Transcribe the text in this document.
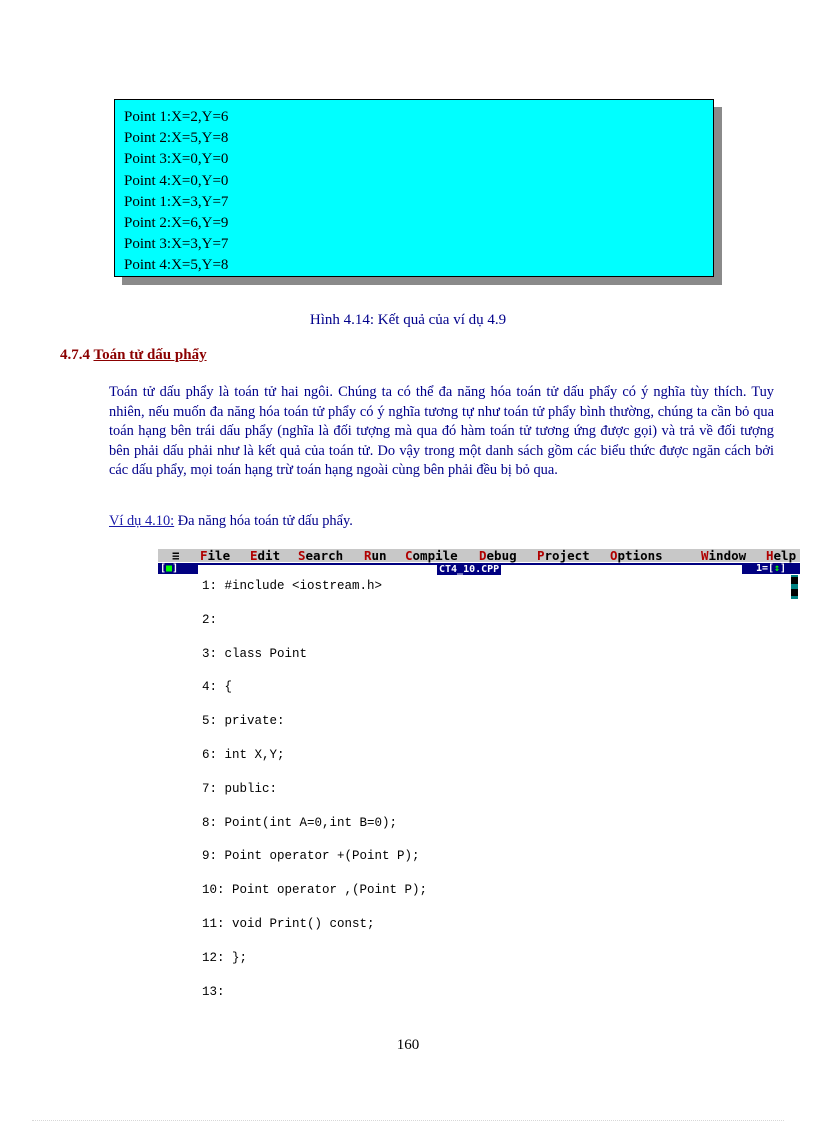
Point 1:X=2,Y=6
Point 2:X=5,Y=8
Point 3:X=0,Y=0
Point 4:X=0,Y=0
Point 1:X=3,Y=7
Point 2:X=6,Y=9
Point 3:X=3,Y=7
Point 4:X=5,Y=8
Hình 4.14: Kết quả của ví dụ 4.9
4.7.4 Toán tử dấu phẩy

Toán tử dấu phẩy là toán tử hai ngôi. Chúng ta có thể đa năng hóa toán tử dấu phẩy có ý nghĩa tùy thích. Tuy nhiên, nếu muốn đa năng hóa toán tử phẩy có ý nghĩa tương tự như toán tử phẩy bình thường, chúng ta cần bỏ qua toán hạng bên trái dấu phẩy (nghĩa là đối tượng mà qua đó hàm toán tử tương ứng được gọi) và trả về đối tượng bên phải dấu phải như là kết quả của toán tử. Do vậy trong một danh sách gồm các biểu thức được ngăn cách bởi các dấu phẩy, mọi toán hạng trừ toán hạng ngoài cùng bên phải đều bị bỏ qua.

Ví dụ 4.10: Đa năng hóa toán tử dấu phẩy.
≡ File Edit Search Run Compile Debug Project Options	Window Help
[■]	CT4_10.CPP	1=[↕]
1: #include <iostream.h>
2:
3: class Point
4: {
5: private:
6: int X,Y;
7: public:
8: Point(int A=0,int B=0);
9: Point operator +(Point P);
10: Point operator ,(Point P);
11: void Print() const;
12: };
13:
160
